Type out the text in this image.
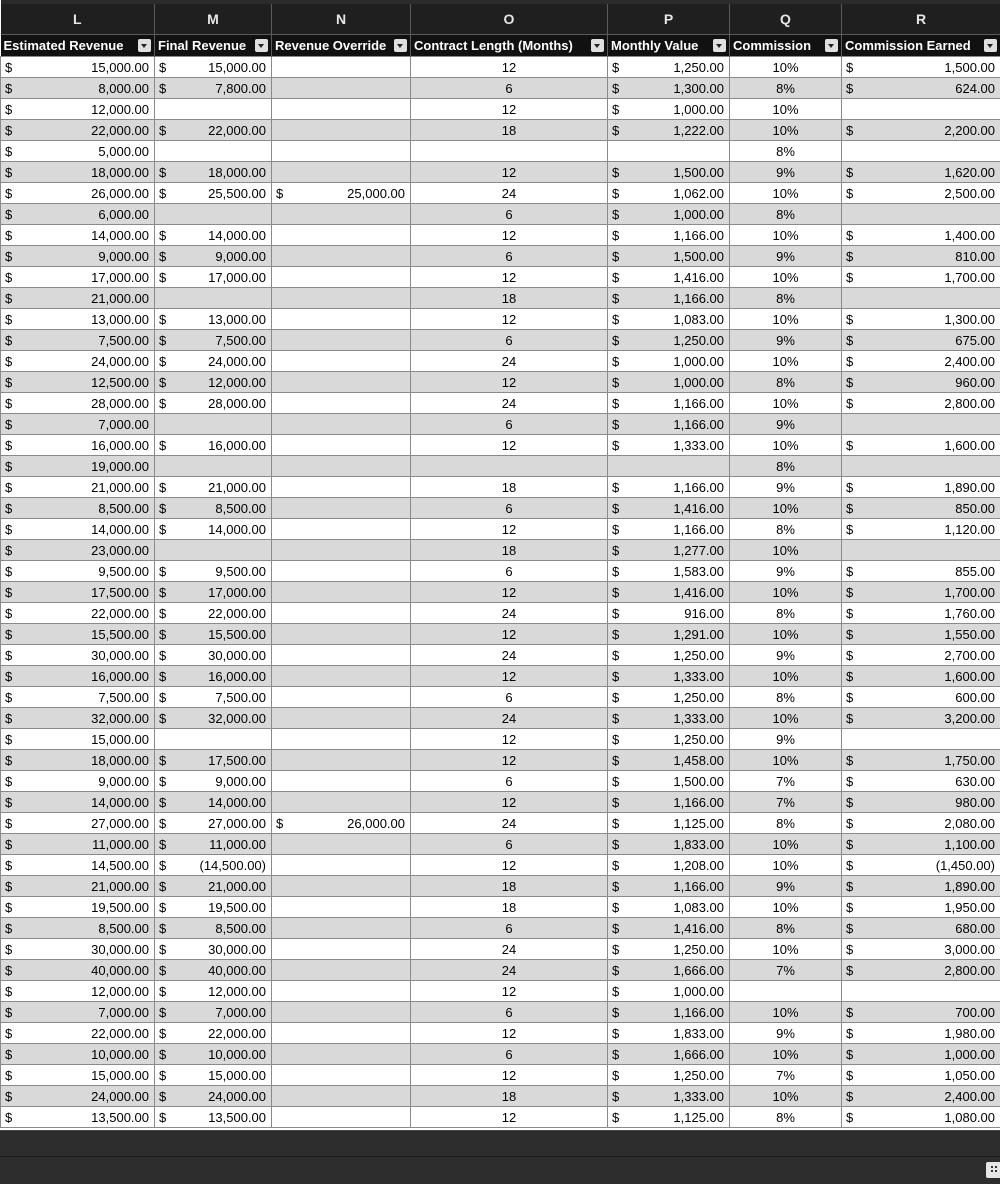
L	M	N	O	P	Q	R

Estimated Revenue	Final Revenue	Revenue Override	Contract Length (Months)	Monthly Value	Commission	Commission Earned

$ 15,000.00	$ 15,000.00		12	$ 1,250.00	10%	$ 1,500.00

$ 8,000.00	$ 7,800.00		6	$ 1,300.00	8%	$ 624.00

$ 12,000.00			12	$ 1,000.00	10%	

$ 22,000.00	$ 22,000.00		18	$ 1,222.00	10%	$ 2,200.00

$ 5,000.00					8%	

$ 18,000.00	$ 18,000.00		12	$ 1,500.00	9%	$ 1,620.00

$ 26,000.00	$ 25,500.00	$ 25,000.00	24	$ 1,062.00	10%	$ 2,500.00

$ 6,000.00			6	$ 1,000.00	8%	

$ 14,000.00	$ 14,000.00		12	$ 1,166.00	10%	$ 1,400.00

$ 9,000.00	$ 9,000.00		6	$ 1,500.00	9%	$ 810.00

$ 17,000.00	$ 17,000.00		12	$ 1,416.00	10%	$ 1,700.00

$ 21,000.00			18	$ 1,166.00	8%	

$ 13,000.00	$ 13,000.00		12	$ 1,083.00	10%	$ 1,300.00

$ 7,500.00	$ 7,500.00		6	$ 1,250.00	9%	$ 675.00

$ 24,000.00	$ 24,000.00		24	$ 1,000.00	10%	$ 2,400.00

$ 12,500.00	$ 12,000.00		12	$ 1,000.00	8%	$ 960.00

$ 28,000.00	$ 28,000.00		24	$ 1,166.00	10%	$ 2,800.00

$ 7,000.00			6	$ 1,166.00	9%	

$ 16,000.00	$ 16,000.00		12	$ 1,333.00	10%	$ 1,600.00

$ 19,000.00					8%	

$ 21,000.00	$ 21,000.00		18	$ 1,166.00	9%	$ 1,890.00

$ 8,500.00	$ 8,500.00		6	$ 1,416.00	10%	$ 850.00

$ 14,000.00	$ 14,000.00		12	$ 1,166.00	8%	$ 1,120.00

$ 23,000.00			18	$ 1,277.00	10%	

$ 9,500.00	$ 9,500.00		6	$ 1,583.00	9%	$ 855.00

$ 17,500.00	$ 17,000.00		12	$ 1,416.00	10%	$ 1,700.00

$ 22,000.00	$ 22,000.00		24	$ 916.00	8%	$ 1,760.00

$ 15,500.00	$ 15,500.00		12	$ 1,291.00	10%	$ 1,550.00

$ 30,000.00	$ 30,000.00		24	$ 1,250.00	9%	$ 2,700.00

$ 16,000.00	$ 16,000.00		12	$ 1,333.00	10%	$ 1,600.00

$ 7,500.00	$ 7,500.00		6	$ 1,250.00	8%	$ 600.00

$ 32,000.00	$ 32,000.00		24	$ 1,333.00	10%	$ 3,200.00

$ 15,000.00			12	$ 1,250.00	9%	

$ 18,000.00	$ 17,500.00		12	$ 1,458.00	10%	$ 1,750.00

$ 9,000.00	$ 9,000.00		6	$ 1,500.00	7%	$ 630.00

$ 14,000.00	$ 14,000.00		12	$ 1,166.00	7%	$ 980.00

$ 27,000.00	$ 27,000.00	$ 26,000.00	24	$ 1,125.00	8%	$ 2,080.00

$ 11,000.00	$ 11,000.00		6	$ 1,833.00	10%	$ 1,100.00

$ 14,500.00	$ (14,500.00)		12	$ 1,208.00	10%	$ (1,450.00)

$ 21,000.00	$ 21,000.00		18	$ 1,166.00	9%	$ 1,890.00

$ 19,500.00	$ 19,500.00		18	$ 1,083.00	10%	$ 1,950.00

$ 8,500.00	$ 8,500.00		6	$ 1,416.00	8%	$ 680.00

$ 30,000.00	$ 30,000.00		24	$ 1,250.00	10%	$ 3,000.00

$ 40,000.00	$ 40,000.00		24	$ 1,666.00	7%	$ 2,800.00

$ 12,000.00	$ 12,000.00		12	$ 1,000.00		

$ 7,000.00	$ 7,000.00		6	$ 1,166.00	10%	$ 700.00

$ 22,000.00	$ 22,000.00		12	$ 1,833.00	9%	$ 1,980.00

$ 10,000.00	$ 10,000.00		6	$ 1,666.00	10%	$ 1,000.00

$ 15,000.00	$ 15,000.00		12	$ 1,250.00	7%	$ 1,050.00

$ 24,000.00	$ 24,000.00		18	$ 1,333.00	10%	$ 2,400.00

$ 13,500.00	$ 13,500.00		12	$ 1,125.00	8%	$ 1,080.00
